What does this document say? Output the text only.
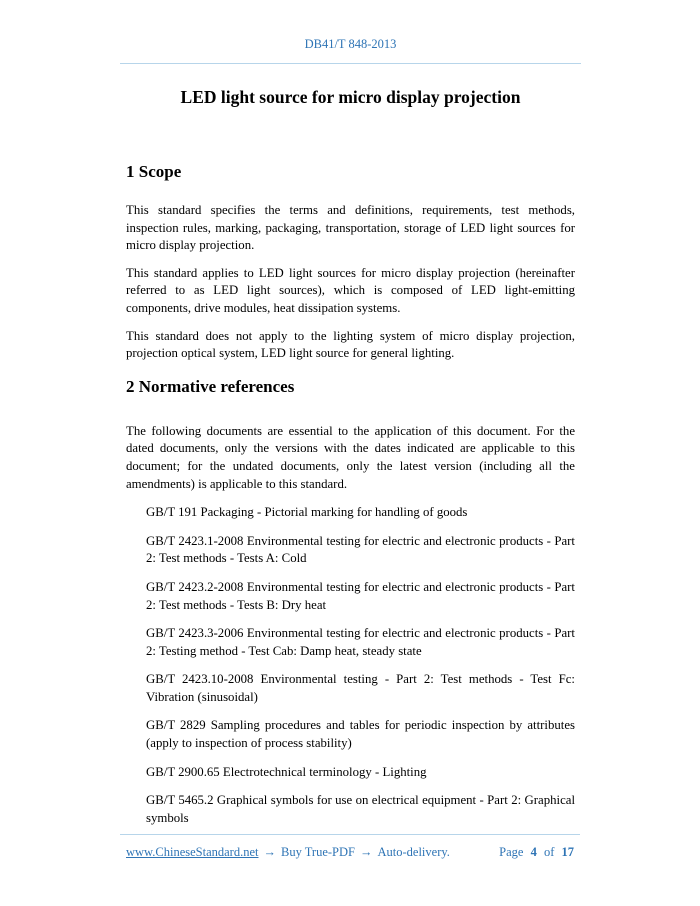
DB41/T 848-2013
LED light source for micro display projection
1 Scope

This standard specifies the terms and definitions, requirements, test methods, inspection rules, marking, packaging, transportation, storage of LED light sources for micro display projection.

This standard applies to LED light sources for micro display projection (hereinafter referred to as LED light sources), which is composed of LED light-emitting components, drive modules, heat dissipation systems.

This standard does not apply to the lighting system of micro display projection, projection optical system, LED light source for general lighting.

2 Normative references

The following documents are essential to the application of this document. For the dated documents, only the versions with the dates indicated are applicable to this document; for the undated documents, only the latest version (including all the amendments) is applicable to this standard.

GB/T 191 Packaging - Pictorial marking for handling of goods

GB/T 2423.1-2008 Environmental testing for electric and electronic products - Part 2: Test methods - Tests A: Cold

GB/T 2423.2-2008 Environmental testing for electric and electronic products - Part 2: Test methods - Tests B: Dry heat

GB/T 2423.3-2006 Environmental testing for electric and electronic products - Part 2: Testing method - Test Cab: Damp heat, steady state

GB/T 2423.10-2008 Environmental testing - Part 2: Test methods - Test Fc: Vibration (sinusoidal)

GB/T 2829 Sampling procedures and tables for periodic inspection by attributes (apply to inspection of process stability)

GB/T 2900.65 Electrotechnical terminology - Lighting

GB/T 5465.2 Graphical symbols for use on electrical equipment - Part 2: Graphical symbols

www.ChineseStandard.net → Buy True-PDF → Auto-delivery.	Page 4 of 17
